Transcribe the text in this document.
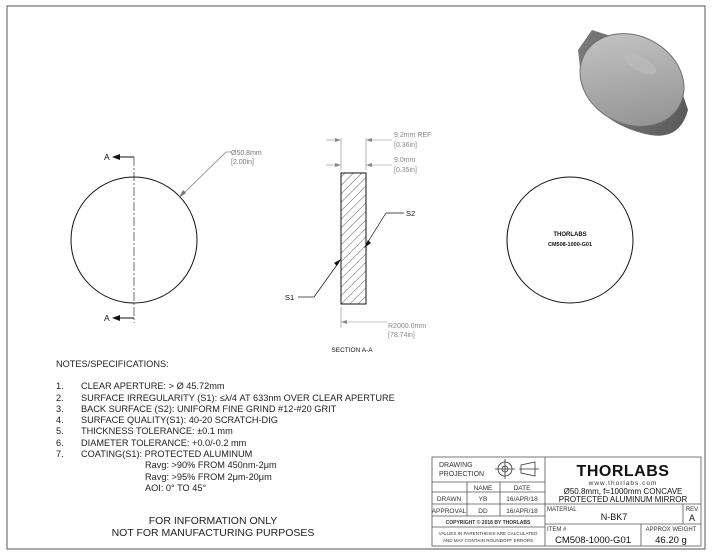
A
A
Ø50.8mm
[2.00in]
9.2mm REF
[0.36in]
9.0mm
[0.35in]
R2000.0mm
[78.74in]
S1
S2
SECTION A-A
THORLABS
CM508-1000-G01
DRAWING
PROJECTION
NAME	DATE
DRAWN	YB	16/APR/18
APPROVAL DD	16/APR/18
COPYRIGHT © 2018 BY THORLABS
VALUES IN PARENTHESIS ARE CALCULATED
AND MAY CONTAIN ROUNDOFF ERRORS
THORLABS
www.thorlabs.com
Ø50.8mm, f=1000mm CONCAVE
PROTECTED ALUMINUM MIRROR
MATERIAL
N-BK7
REV
A
ITEM #
CM508-1000-G01
APPROX WEIGHT
46.20 g
NOTES/SPECIFICATIONS:
1.	CLEAR APERTURE: > Ø 45.72mm
2.	SURFACE IRREGULARITY (S1): ≤λ/4 AT 633nm OVER CLEAR APERTURE
3.	BACK SURFACE (S2): UNIFORM FINE GRIND #12-#20 GRIT
4.	SURFACE QUALITY(S1): 40-20 SCRATCH-DIG
5.	THICKNESS TOLERANCE: ±0.1 mm
6.	DIAMETER TOLERANCE: +0.0/-0.2 mm
7.	COATING(S1): PROTECTED ALUMINUM
Ravg: >90% FROM 450nm-2μm
Ravg: >95% FROM 2μm-20μm
AOI: 0° TO 45°
FOR INFORMATION ONLY
NOT FOR MANUFACTURING PURPOSES
